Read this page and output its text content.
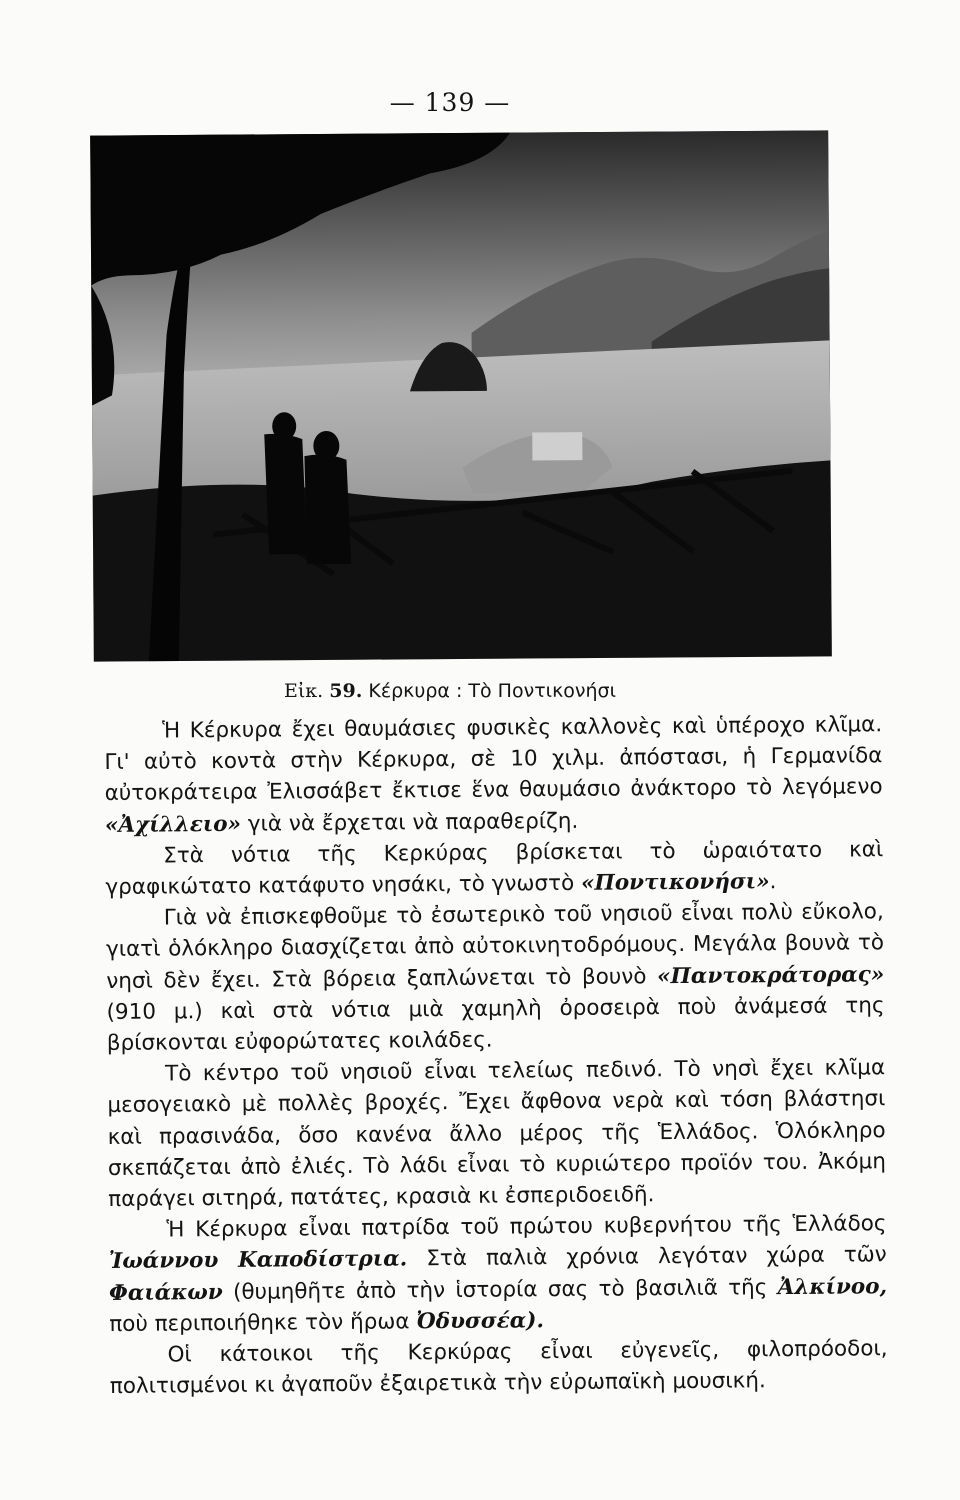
— 139 —
Εἰκ. 59. Κέρκυρα : Τὸ Ποντικονήσι

Ἡ Κέρκυρα ἔχει θαυμάσιες φυσικὲς καλλονὲς καὶ ὑπέροχο κλῖμα. Γι' αὐτὸ κοντὰ στὴν Κέρκυρα, σὲ 10 χιλμ. ἀπόστασι, ἡ Γερμανίδα αὐτοκράτειρα Ἐλισσάβετ ἔκτισε ἕνα θαυμάσιο ἀνάκτορο τὸ λεγόμενο «Ἀχίλλειο» γιὰ νὰ ἔρχεται νὰ παραθερίζη.

Στὰ νότια τῆς Κερκύρας βρίσκεται τὸ ὡραιότατο καὶ γραφικώτατο κατάφυτο νησάκι, τὸ γνωστὸ «Ποντικονήσι».

Γιὰ νὰ ἐπισκεφθοῦμε τὸ ἐσωτερικὸ τοῦ νησιοῦ εἶναι πολὺ εὔκολο, γιατὶ ὁλόκληρο διασχίζεται ἀπὸ αὐτοκινητοδρόμους. Μεγάλα βουνὰ τὸ νησὶ δὲν ἔχει. Στὰ βόρεια ξαπλώνεται τὸ βουνὸ «Παντοκράτορας» (910 μ.) καὶ στὰ νότια μιὰ χαμηλὴ ὀροσειρὰ ποὺ ἀνάμεσά της βρίσκονται εὐφορώτατες κοιλάδες.

Τὸ κέντρο τοῦ νησιοῦ εἶναι τελείως πεδινό. Τὸ νησὶ ἔχει κλῖμα μεσογειακὸ μὲ πολλὲς βροχές. Ἔχει ἄφθονα νερὰ καὶ τόση βλάστησι καὶ πρασινάδα, ὅσο κανένα ἄλλο μέρος τῆς Ἑλλάδος. Ὁλόκληρο σκεπάζεται ἀπὸ ἐλιές. Τὸ λάδι εἶναι τὸ κυριώτερο προϊόν του. Ἀκόμη παράγει σιτηρά, πατάτες, κρασιὰ κι ἐσπεριδοειδῆ.

Ἡ Κέρκυρα εἶναι πατρίδα τοῦ πρώτου κυβερνήτου τῆς Ἑλλάδος Ἰωάννου Καποδίστρια. Στὰ παλιὰ χρόνια λεγόταν χώρα τῶν Φαιάκων (θυμηθῆτε ἀπὸ τὴν ἱστορία σας τὸ βασιλιᾶ τῆς Ἀλκίνοο, ποὺ περιποιήθηκε τὸν ἥρωα Ὀδυσσέα).

Οἱ κάτοικοι τῆς Κερκύρας εἶναι εὐγενεῖς, φιλοπρόοδοι, πολιτισμένοι κι ἀγαποῦν ἐξαιρετικὰ τὴν εὐρωπαϊκὴ μουσική.
